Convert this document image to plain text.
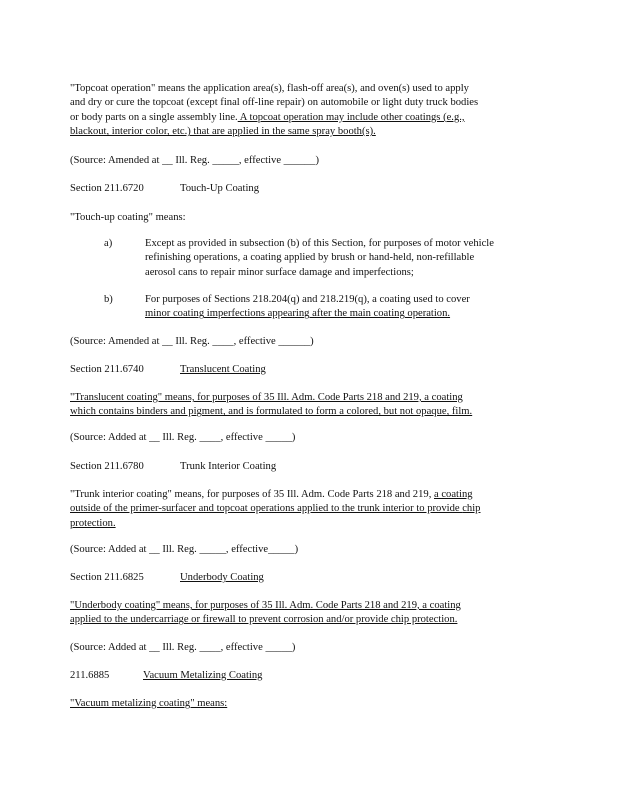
"Topcoat operation" means the application area(s), flash-off area(s), and oven(s) used to apply
and dry or cure the topcoat (except final off-line repair) on automobile or light duty truck bodies
or body parts on a single assembly line. A topcoat operation may include other coatings (e.g.,
blackout, interior color, etc.) that are applied in the same spray booth(s).
(Source: Amended at __ Ill. Reg. _____, effective ______)
Section 211.6720	Touch-Up Coating
"Touch-up coating" means:
a)	Except as provided in subsection (b) of this Section, for purposes of motor vehicle
refinishing operations, a coating applied by brush or hand-held, non-refillable
aerosol cans to repair minor surface damage and imperfections;
b)	For purposes of Sections 218.204(q) and 218.219(q), a coating used to cover
minor coating imperfections appearing after the main coating operation.
(Source: Amended at __ Ill. Reg. ____, effective ______)
Section 211.6740	Translucent Coating
"Translucent coating" means, for purposes of 35 Ill. Adm. Code Parts 218 and 219, a coating
which contains binders and pigment, and is formulated to form a colored, but not opaque, film.
(Source: Added at __ Ill. Reg. ____, effective _____)
Section 211.6780	Trunk Interior Coating
"Trunk interior coating" means, for purposes of 35 Ill. Adm. Code Parts 218 and 219, a coating
outside of the primer-surfacer and topcoat operations applied to the trunk interior to provide chip
protection.
(Source: Added at __ Ill. Reg. _____, effective_____)
Section 211.6825	Underbody Coating
"Underbody coating" means, for purposes of 35 Ill. Adm. Code Parts 218 and 219, a coating
applied to the undercarriage or firewall to prevent corrosion and/or provide chip protection.
(Source: Added at __ Ill. Reg. ____, effective _____)
211.6885	Vacuum Metalizing Coating
"Vacuum metalizing coating" means:
